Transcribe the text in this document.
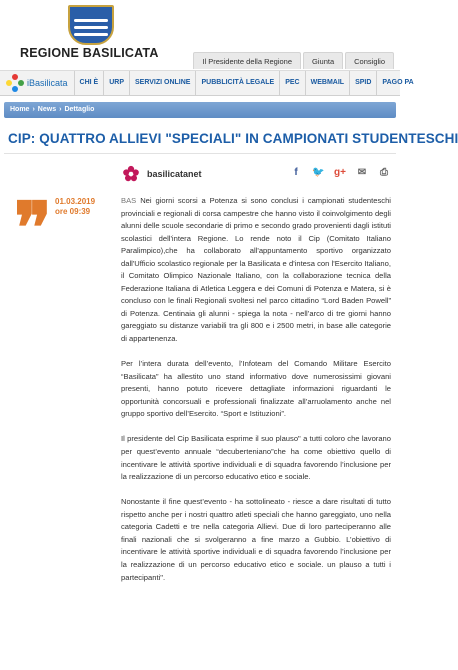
REGIONE BASILICATA
Il Presidente della Regione	Giunta	Consiglio
iBasilicata	CHI È	URP	SERVIZI ONLINE	PUBBLICITÀ LEGALE	PEC	WEBMAIL	SPID	PAGO PA
Home › News › Dettaglio
CIP: QUATTRO ALLIEVI "SPECIALI" IN CAMPIONATI STUDENTESCHI
basilicatanet	f	🐦 g+ ✉ ⎙
❞ 01.03.2019
ore 09:39

BAS Nei giorni scorsi a Potenza si sono conclusi i campionati studenteschi provinciali e regionali di corsa campestre che hanno visto il coinvolgimento degli alunni delle scuole secondarie di primo e secondo grado provenienti dagli istituti scolastici dell'intera Regione. Lo rende noto il Cip (Comitato Italiano Paralimpico),che ha collaborato all'appuntamento sportivo organizzato dall'Ufficio scolastico regionale per la Basilicata e d'intesa con l'Esercito Italiano, il Comitato Olimpico Nazionale Italiano, con la collaborazione tecnica della Federazione Italiana di Atletica Leggera e dei Comuni di Potenza e Matera, si è concluso con le finali Regionali svoltesi nel parco cittadino “Lord Baden Powell” di Potenza. Centinaia gli alunni - spiega la nota - nell’arco di tre giorni hanno gareggiato su distanze variabili tra gli 800 e i 2500 metri, in base alle categorie di appartenenza.

Per l’intera durata dell’evento, l’Infoteam del Comando Militare Esercito “Basilicata” ha allestito uno stand informativo dove numerosissimi giovani presenti, hanno potuto ricevere dettagliate informazioni riguardanti le opportunità concorsuali e professionali finalizzate all’arruolamento anche nel gruppo sportivo dell’Esercito. “Sport e Istituzioni”.

Il presidente del Cip Basilicata esprime il suo plauso" a tutti coloro che lavorano per quest’evento annuale “decuberteniano”che ha come obiettivo quello di incentivare le attività sportive individuali e di squadra favorendo l’inclusione per la realizzazione di un percorso educativo etico e sociale.

Nonostante il fine quest’evento - ha sottolineato - riesce a dare risultati di tutto rispetto anche per i nostri quattro atleti speciali che hanno gareggiato, uno nella categoria Cadetti e tre nella categoria Allievi. Due di loro parteciperanno alle finali nazionali che si svolgeranno a fine marzo a Gubbio. L’obiettivo di incentivare le attività sportive individuali e di squadra favorendo l’inclusione per la realizzazione di un percorso educativo etico e sociale. un plauso a tutti i partecipanti".
